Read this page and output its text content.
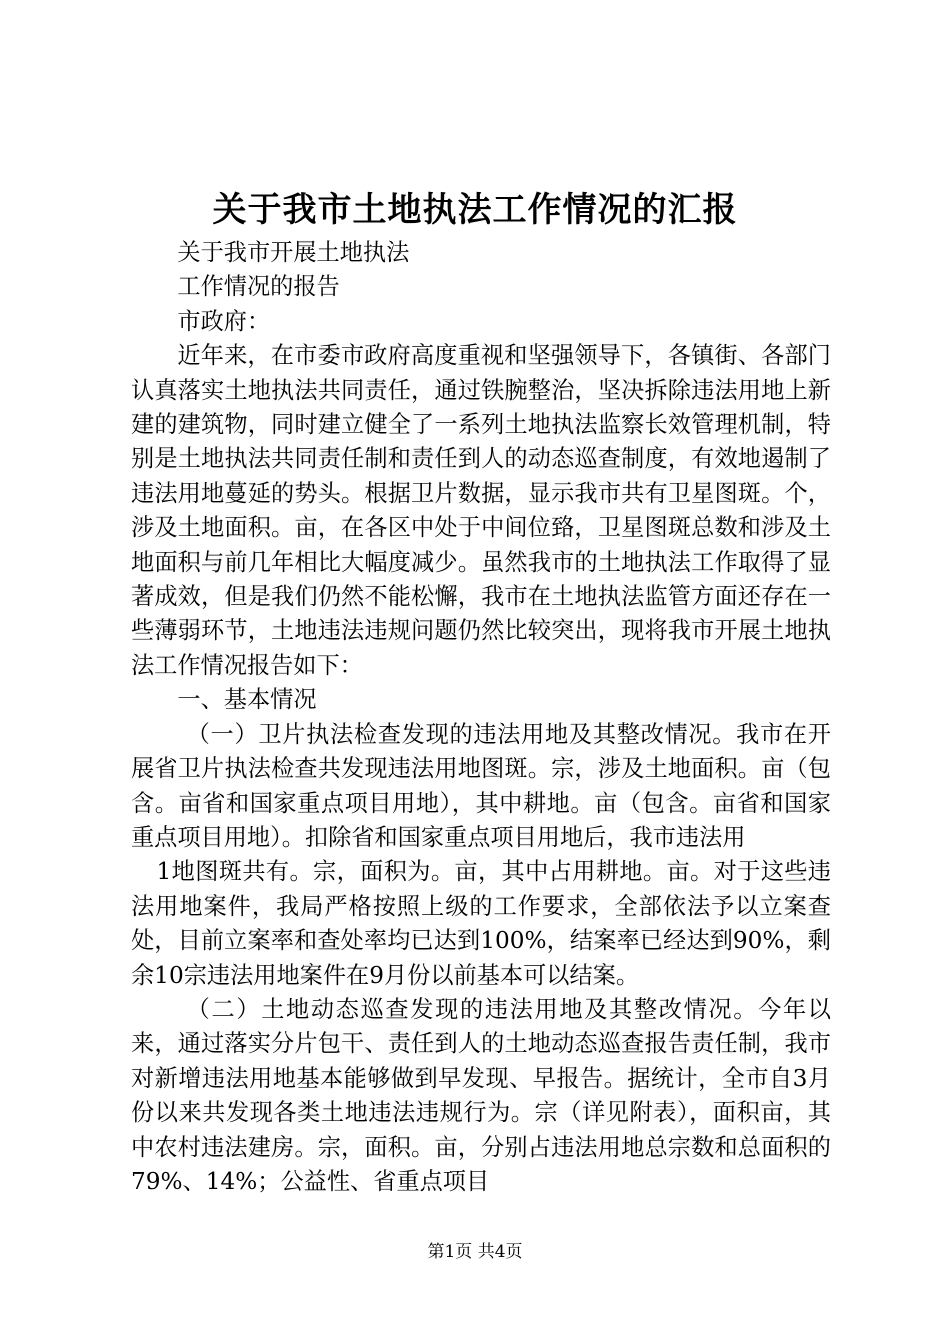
关于我市土地执法工作情况的汇报

关于我市开展土地执法

工作情况的报告

市政府：

近年来，在市委市政府高度重视和坚强领导下，各镇街、各部门认真落实土地执法共同责任，通过铁腕整治，坚决拆除违法用地上新建的建筑物，同时建立健全了一系列土地执法监察长效管理机制，特别是土地执法共同责任制和责任到人的动态巡查制度，有效地遏制了违法用地蔓延的势头。根据卫片数据，显示我市共有卫星图斑。个，涉及土地面积。亩，在各区中处于中间位臵，卫星图斑总数和涉及土地面积与前几年相比大幅度减少。虽然我市的土地执法工作取得了显著成效，但是我们仍然不能松懈，我市在土地执法监管方面还存在一些薄弱环节，土地违法违规问题仍然比较突出，现将我市开展土地执法工作情况报告如下：

一、基本情况

（一）卫片执法检查发现的违法用地及其整改情况。我市在开展省卫片执法检查共发现违法用地图斑。宗，涉及土地面积。亩（包含。亩省和国家重点项目用地），其中耕地。亩（包含。亩省和国家重点项目用地）。扣除省和国家重点项目用地后，我市违法用

1地图斑共有。宗，面积为。亩，其中占用耕地。亩。对于这些违法用地案件，我局严格按照上级的工作要求，全部依法予以立案查处，目前立案率和查处率均已达到100%，结案率已经达到90%，剩余10宗违法用地案件在9月份以前基本可以结案。

（二）土地动态巡查发现的违法用地及其整改情况。今年以来，通过落实分片包干、责任到人的土地动态巡查报告责任制，我市对新增违法用地基本能够做到早发现、早报告。据统计，全市自3月份以来共发现各类土地违法违规行为。宗（详见附表），面积亩，其中农村违法建房。宗，面积。亩，分别占违法用地总宗数和总面积的79%、14%；公益性、省重点项目

第1页 共4页
